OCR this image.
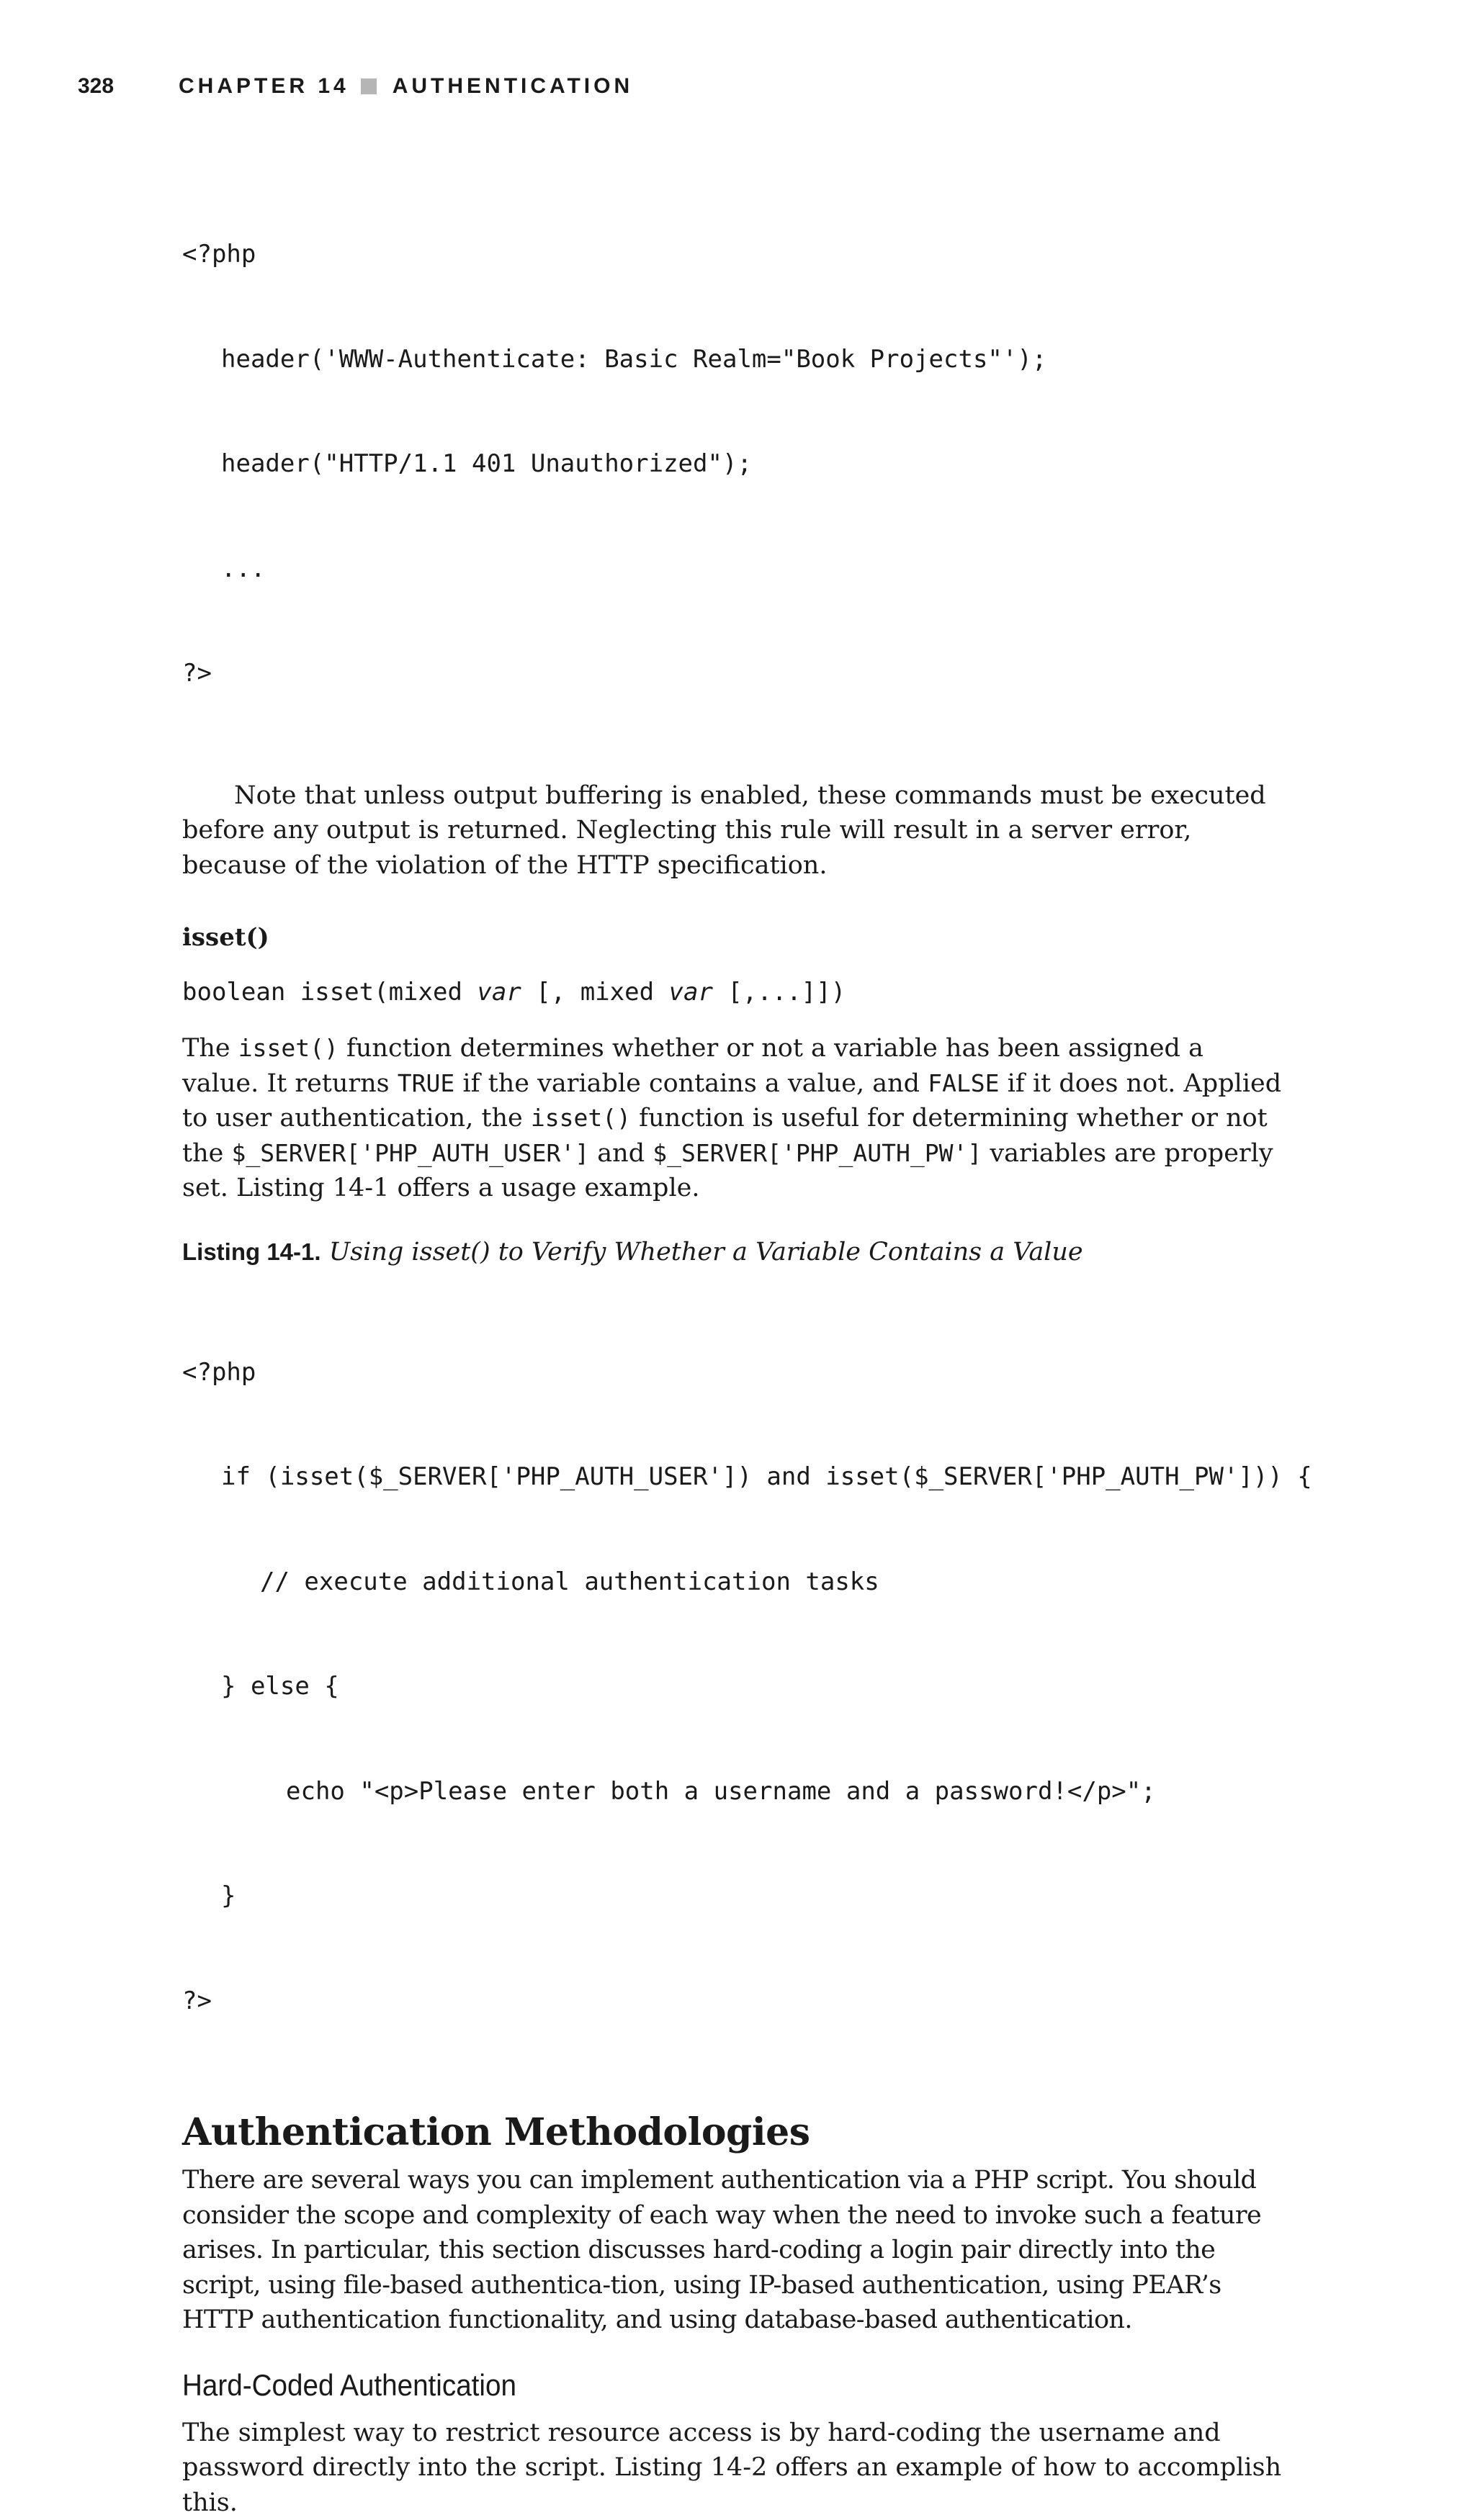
328	CHAPTER 14 AUTHENTICATION

<?php

header('WWW-Authenticate: Basic Realm="Book Projects"');

header("HTTP/1.1 401 Unauthorized");

...

?>

Note that unless output buffering is enabled, these commands must be executed before any output is returned. Neglecting this rule will result in a server error, because of the violation of the HTTP specification.

isset()

boolean isset(mixed var [, mixed var [,...]])

The isset() function determines whether or not a variable has been assigned a value. It returns TRUE if the variable contains a value, and FALSE if it does not. Applied to user authentication, the isset() function is useful for determining whether or not the $_SERVER['PHP_AUTH_USER'] and $_SERVER['PHP_AUTH_PW'] variables are properly set. Listing 14-1 offers a usage example.

Listing 14-1. Using isset() to Verify Whether a Variable Contains a Value

<?php

if (isset($_SERVER['PHP_AUTH_USER']) and isset($_SERVER['PHP_AUTH_PW'])) {

// execute additional authentication tasks

} else {

echo "<p>Please enter both a username and a password!</p>";

}

?>

Authentication Methodologies

There are several ways you can implement authentication via a PHP script. You should consider the scope and complexity of each way when the need to invoke such a feature arises. In particular, this section discusses hard-coding a login pair directly into the script, using file-based authentica-tion, using IP-based authentication, using PEAR’s HTTP authentication functionality, and using database-based authentication.

Hard-Coded Authentication

The simplest way to restrict resource access is by hard-coding the username and password directly into the script. Listing 14-2 offers an example of how to accomplish this.
